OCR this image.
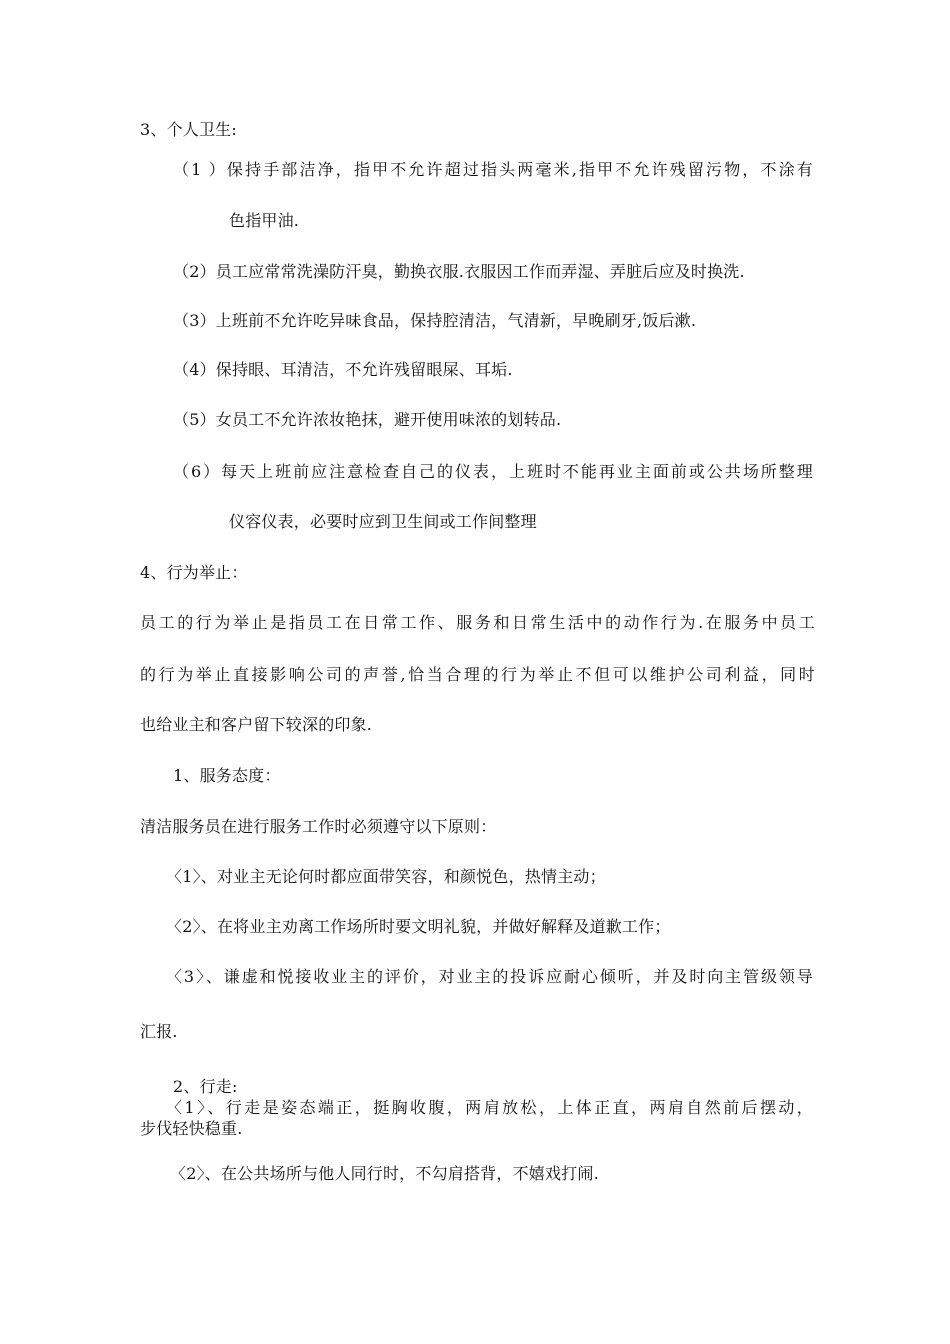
3、个人卫生:
（1 ）保持手部洁净，指甲不允许超过指头两毫米,指甲不允许残留污物，不涂有
色指甲油.
（2）员工应常常洗澡防汗臭，勤换衣服.衣服因工作而弄湿、弄脏后应及时换洗.
（3）上班前不允许吃异味食品，保持腔清洁，气清新，早晚刷牙,饭后漱.
（4）保持眼、耳清洁，不允许残留眼屎、耳垢.
（5）女员工不允许浓妆艳抹，避开使用味浓的划转品.
（6）每天上班前应注意检查自己的仪表，上班时不能再业主面前或公共场所整理
仪容仪表，必要时应到卫生间或工作间整理
4、行为举止：
员工的行为举止是指员工在日常工作、服务和日常生活中的动作行为.在服务中员工
的行为举止直接影响公司的声誉,恰当合理的行为举止不但可以维护公司利益，同时
也给业主和客户留下较深的印象.
1、服务态度：
清洁服务员在进行服务工作时必须遵守以下原则：
〈1〉、对业主无论何时都应面带笑容，和颜悦色，热情主动；
〈2〉、在将业主劝离工作场所时要文明礼貌，并做好解释及道歉工作；
〈3〉、谦虚和悦接收业主的评价，对业主的投诉应耐心倾听，并及时向主管级领导
汇报.
2、行走:
〈1〉、行走是姿态端正，挺胸收腹，两肩放松，上体正直，两肩自然前后摆动，
步伐轻快稳重.
〈2〉、在公共场所与他人同行时，不勾肩搭背，不嬉戏打闹.
